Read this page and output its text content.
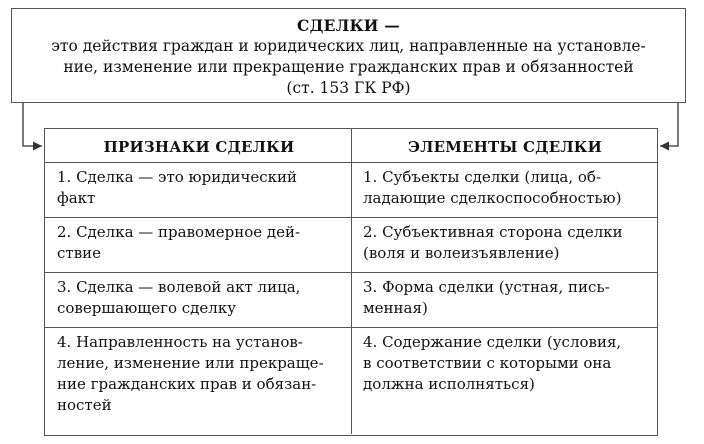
СДЕЛКИ —
это действия граждан и юридических лиц, направленные на установле-
ние, изменение или прекращение гражданских прав и обязанностей
(ст. 153 ГК РФ)
ПРИЗНАКИ СДЕЛКИ	ЭЛЕМЕНТЫ СДЕЛКИ
1. Сделка — это юридический
факт
1. Субъекты сделки (лица, об-
ладающие сделкоспособностью)
2. Сделка — правомерное дей-
ствие
2. Субъективная сторона сделки
(воля и волеизъявление)
3. Сделка — волевой акт лица,
совершающего сделку
3. Форма сделки (устная, пись-
менная)
4. Направленность на установ-
ление, изменение или прекраще-
ние гражданских прав и обязан-
ностей
4. Содержание сделки (условия,
в соответствии с которыми она
должна исполняться)
